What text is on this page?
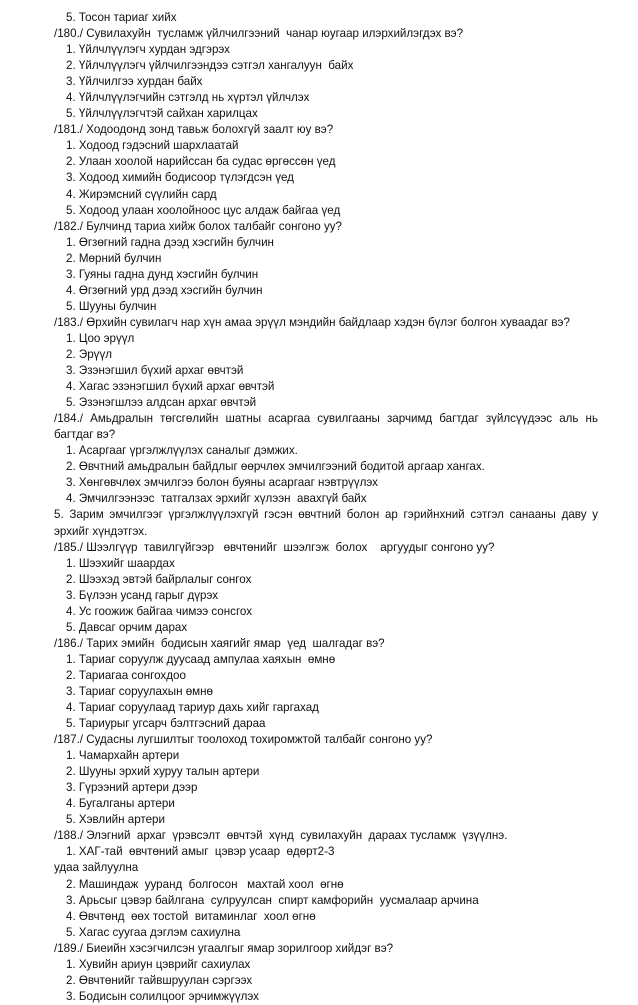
5. Тосон тариаг хийх
/180./ Сувилахуйн  тусламж үйлчилгээний  чанар юугаар илэрхийлэгдэх вэ?
1. Үйлчлүүлэгч хурдан эдгэрэх
2. Үйлчлүүлэгч үйлчилгээндээ сэтгэл хангалуун  байх
3. Үйлчилгээ хурдан байх
4. Үйлчлүүлэгчийн сэтгэлд нь хүртэл үйлчлэх
5. Үйлчлүүлэгчтэй сайхан харилцах
/181./ Ходоодонд зонд тавьж болохгүй заалт юу вэ?
1. Ходоод гэдэсний шархлаатай
2. Улаан хоолой нарийссан ба судас өргөссөн үед
3. Ходоод химийн бодисоор түлэгдсэн үед
4. Жирэмсний сүүлийн сард
5. Ходоод улаан хоолойноос цус алдаж байгаа үед
/182./ Булчинд тариа хийж болох талбайг сонгоно уу?
1. Өгзөгний гадна дээд хэсгийн булчин
2. Мөрний булчин
3. Гуяны гадна дунд хэсгийн булчин
4. Өгзөгний урд дээд хэсгийн булчин
5. Шууны булчин
/183./ Өрхийн сувилагч нар хүн амаа эрүүл мэндийн байдлаар хэдэн бүлэг болгон хуваадаг вэ?
1. Цоо эрүүл
2. Эрүүл
3. Эзэнэгшил бүхий архаг өвчтэй
4. Хагас эзэнэгшил бүхий архаг өвчтэй
5. Эзэнэгшлээ алдсан архаг өвчтэй
/184./ Амьдралын төгсгөлийн шатны асаргаа сувилгааны зарчимд багтдаг зүйлсүүдээс аль нь
багтдаг вэ?
1. Асаргааг үргэлжлүүлэх саналыг дэмжих.
2. Өвчтний амьдралын байдлыг өөрчлөх эмчилгээний бодитой аргаар хангах.
3. Хөнгөвчлөх эмчилгээ болон буяны асаргааг нэвтрүүлэх
4. Эмчилгээнээс  татгалзах эрхийг хүлээн  авахгүй байх
5. Зарим эмчилгээг үргэлжлүүлэхгүй гэсэн өвчтний болон ар гэрийнхний сэтгэл санааны даву у
эрхийг хүндэтгэх.
/185./ Шээлгүүр  тавилгүйгээр   өвчтөнийг  шээлгэж  болох    аргуудыг сонгоно уу?
1. Шээхийг шаардах
2. Шээхэд эвтэй байрлалыг сонгох
3. Бүлээн усанд гарыг дүрэх
4. Ус гоожиж байгаа чимээ сонсгох
5. Давсаг орчим дарах
/186./ Тарих эмийн  бодисын хаягийг ямар  үед  шалгадаг вэ?
1. Тариаг соруулж дуусаад ампулаа хаяхын  өмнө
2. Тариагаа сонгохдоо
3. Тариаг соруулахын өмнө
4. Тариаг соруулаад тариур дахь хийг гаргахад
5. Тариурыг угсарч бэлтгэсний дараа
/187./ Судасны лугшилтыг тоолоход тохиромжтой талбайг сонгоно уу?
1. Чамархайн артери
2. Шууны эрхий хуруу талын артери
3. Гүрээний артери дээр
4. Бугалганы артери
5. Хэвлийн артери
/188./ Элэгний  архаг  үрэвсэлт  өвчтэй  хүнд  сувилахуйн  дараах тусламж  үзүүлнэ.
1. ХАГ-тай  өвчтөний амыг  цэвэр усаар  өдөрт2-3
удаа зайлуулна
2. Машиндаж  ууранд  болгосон   махтай хоол  өгнө
3. Арьсыг цэвэр байлгана  сулруулсан  спирт камфорийн  уусмалаар арчина
4. Өвчтөнд  өөх тостой  витаминлаг  хоол өгнө
5. Хагас суугаа дэглэм сахиулна
/189./ Биеийн хэсэгчилсэн угаалгыг ямар зорилгоор хийдэг вэ?
1. Хувийн ариун цэврийг сахиулах
2. Өвчтөнийг тайвшруулан сэргээх
3. Бодисын солилцоог эрчимжүүлэх
